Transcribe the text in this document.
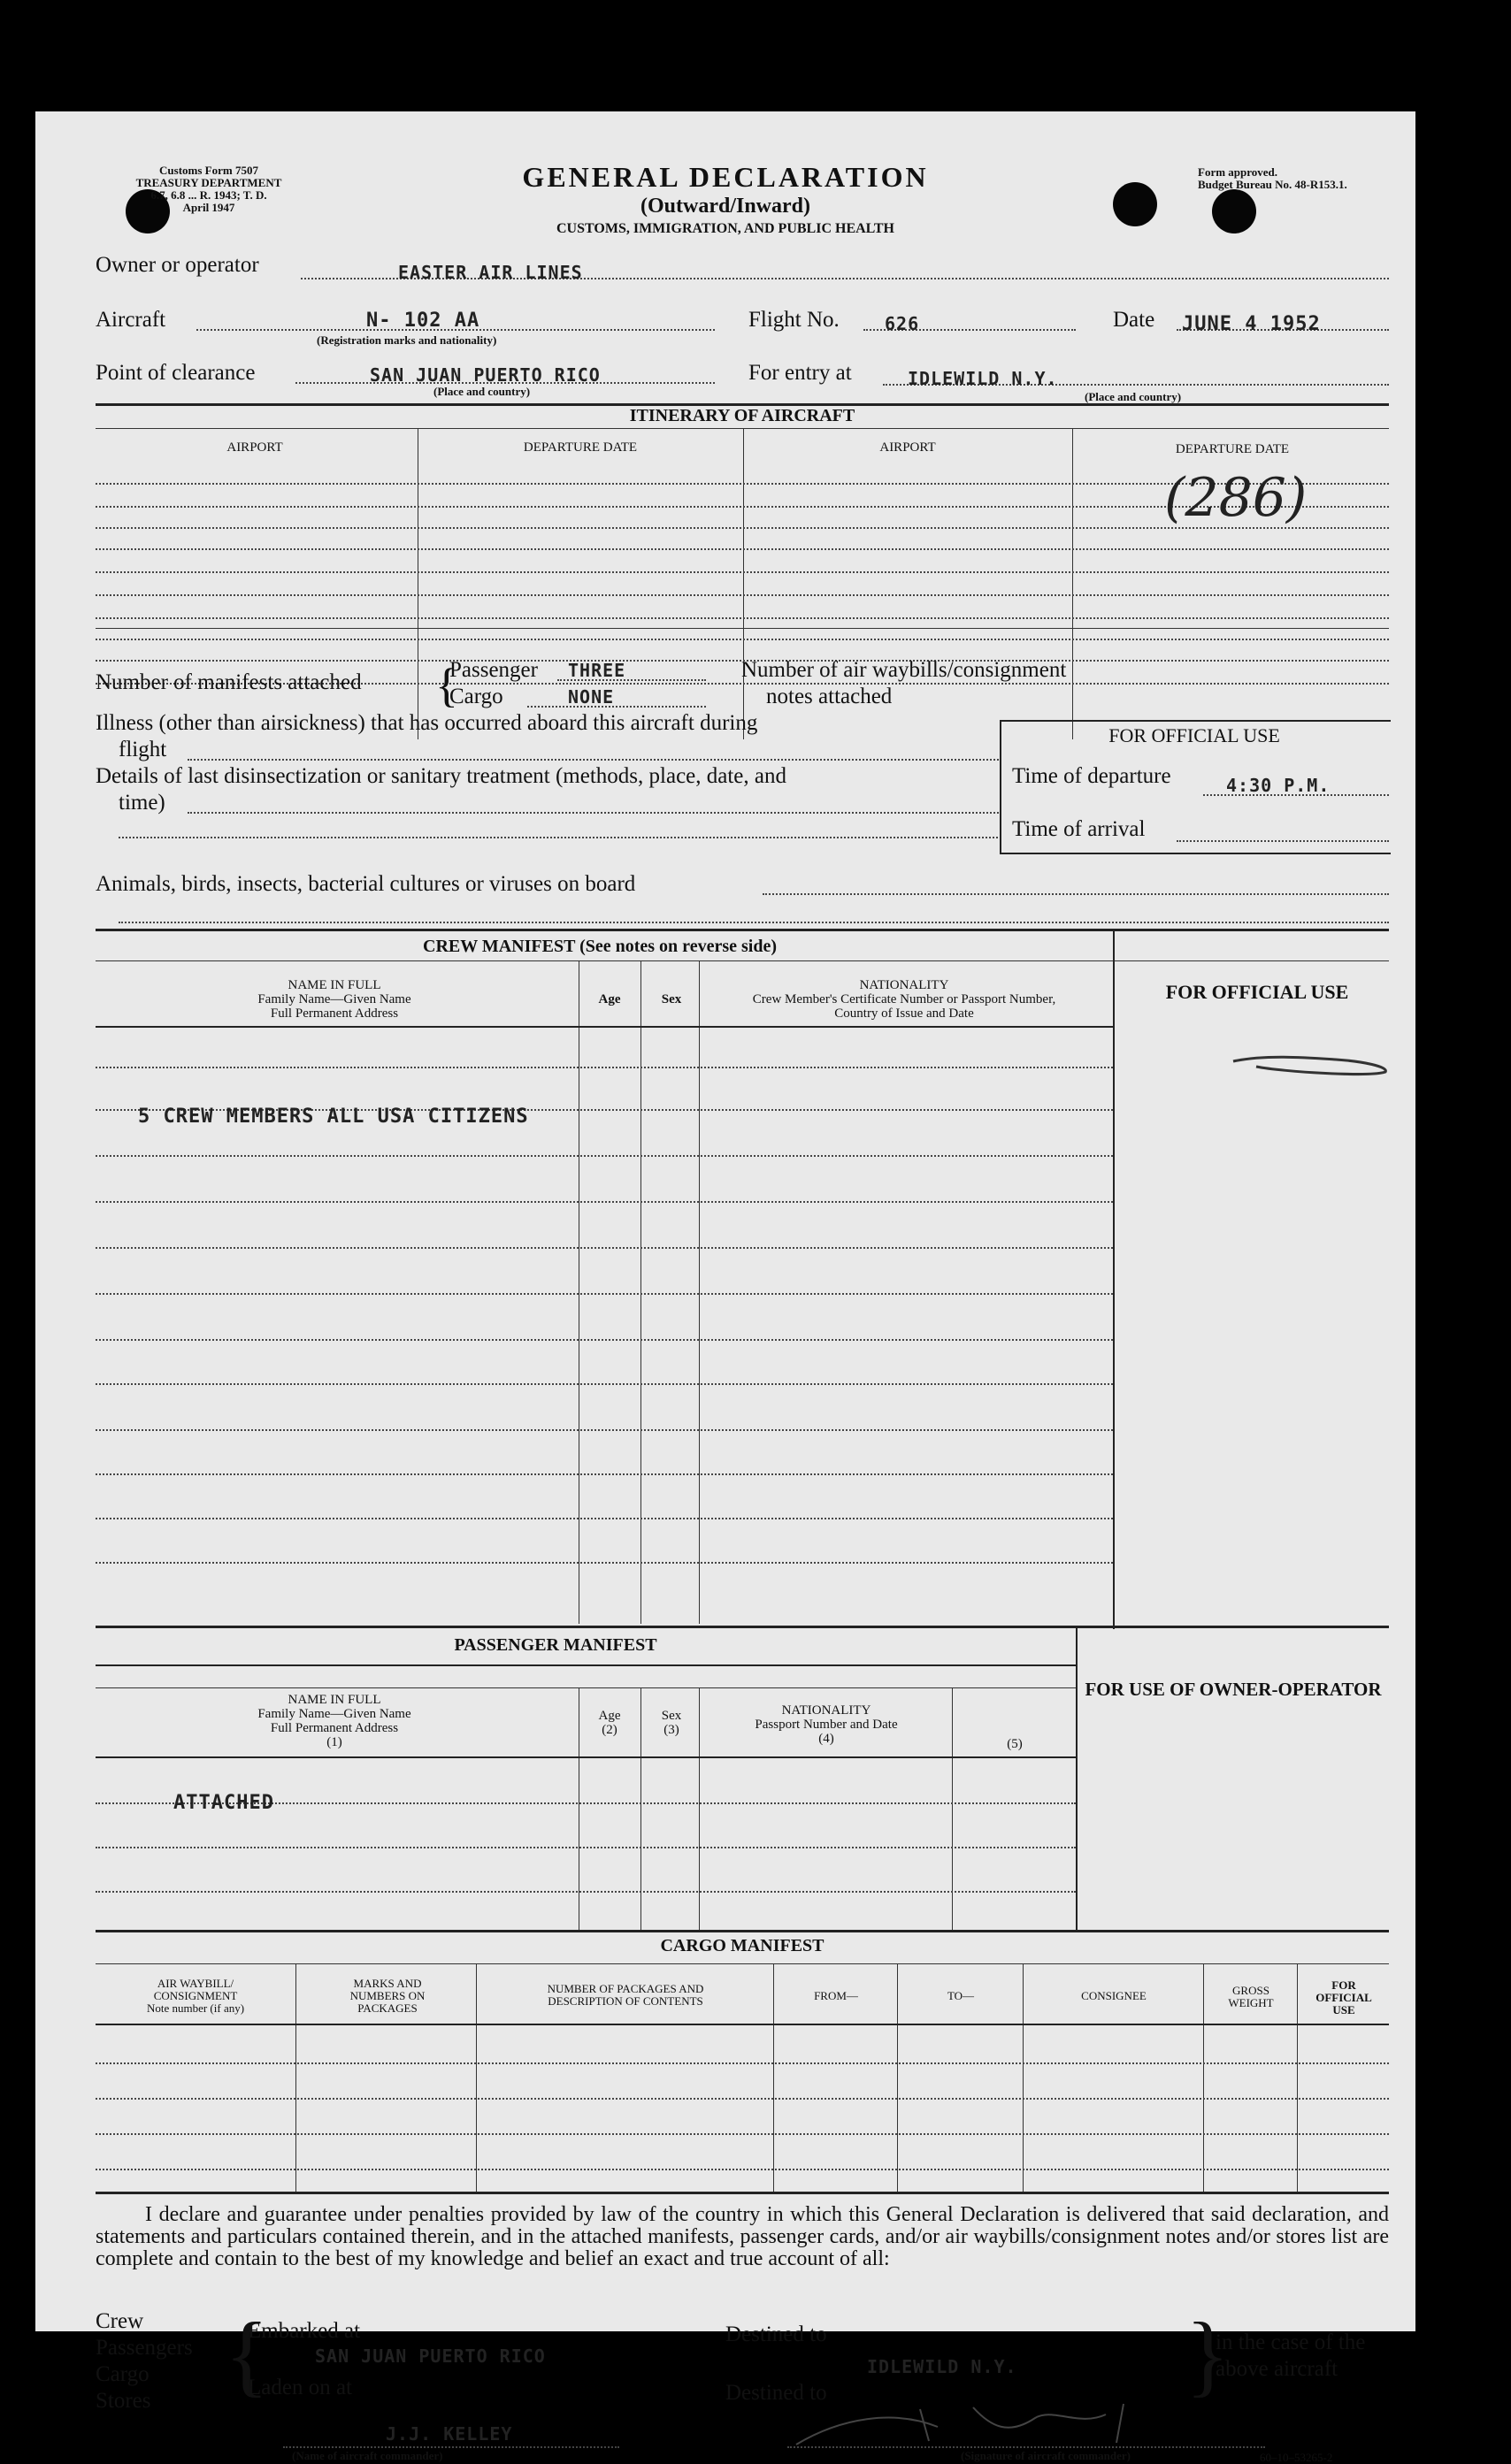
Customs Form 7507
TREASURY DEPARTMENT
6.7, 6.8 ... R. 1943; T. D.
April 1947
GENERAL DECLARATION
(Outward/Inward)
CUSTOMS, IMMIGRATION, AND PUBLIC HEALTH
Form approved.
Budget Bureau No. 48-R153.1.
Owner or operator	EASTER AIR LINES
Aircraft	N- 102 AA
(Registration marks and nationality)
Flight No.	626	Date JUNE 4 1952
Point of clearance	SAN JUAN PUERTO RICO
(Place and country)
For entry at	IDLEWILD N.Y.
(Place and country)
ITINERARY OF AIRCRAFT
AIRPORT	DEPARTURE DATE	AIRPORT	DEPARTURE DATE
(286)
Number of manifests attached {
Passenger THREE
Cargo	NONE
Number of air waybills/consignment
notes attached
Illness (other than airsickness) that has occurred aboard this aircraft during
flight
Details of last disinsectization or sanitary treatment (methods, place, date, and
time)
Animals, birds, insects, bacterial cultures or viruses on board
FOR OFFICIAL USE
Time of departure	4:30 P.M.
Time of arrival
CREW MANIFEST (See notes on reverse side)
NAME IN FULL
Family Name—Given Name
Full Permanent Address
Age	Sex
NATIONALITY
Crew Member's Certificate Number or Passport Number,
Country of Issue and Date
FOR OFFICIAL USE
5 CREW MEMBERS ALL USA CITIZENS
PASSENGER MANIFEST
NAME IN FULL
Family Name—Given Name
Full Permanent Address
(1)
Age
(2)
Sex
(3)
NATIONALITY
Passport Number and Date
(4)	(5)
FOR USE OF OWNER-OPERATOR
ATTACHED
CARGO MANIFEST
AIR WAYBILL/
CONSIGNMENT
Note number (if any)
MARKS AND
NUMBERS ON
PACKAGES
NUMBER OF PACKAGES AND
DESCRIPTION OF CONTENTS	FROM—	TO—	CONSIGNEE	GROSS
WEIGHT
FOR
OFFICIAL
USE
I declare and guarantee under penalties provided by law of the country in which this General Declaration is delivered that said declaration, and statements and particulars contained therein, and in the attached manifests, passenger cards, and/or air waybills/consignment notes and/or stores list are complete and contain to the best of my knowledge and belief an exact and true account of all:
Crew
Passengers
Cargo
Stores {
Embarked at
SAN JUAN PUERTO RICO
Laden on at
Destined to
IDLEWILD N.Y.
Destined to	}
in the case of the
above aircraft
J.J. KELLEY
(Name of aircraft commander)	(Signature of aircraft commander)	60–10–53265-2
